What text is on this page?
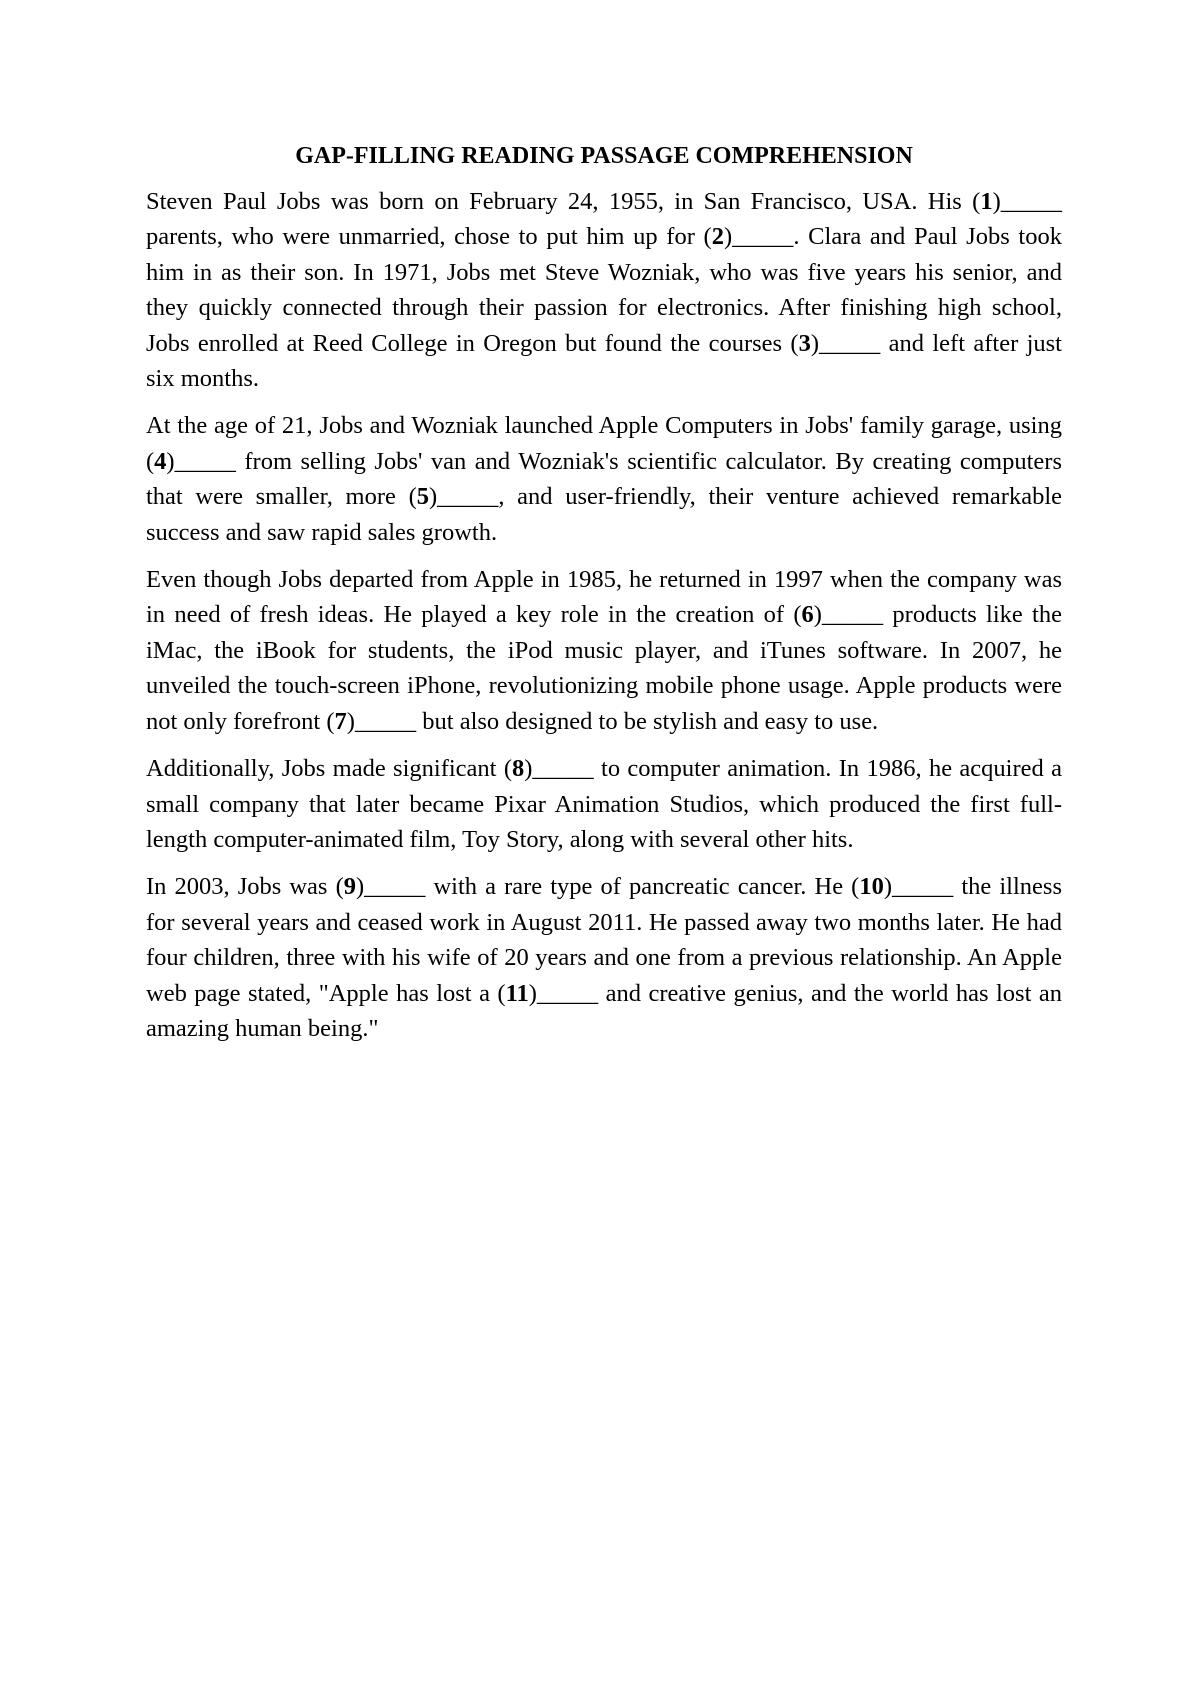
GAP-FILLING READING PASSAGE COMPREHENSION

Steven Paul Jobs was born on February 24, 1955, in San Francisco, USA. His (1)_____ parents, who were unmarried, chose to put him up for (2)_____. Clara and Paul Jobs took him in as their son. In 1971, Jobs met Steve Wozniak, who was five years his senior, and they quickly connected through their passion for electronics. After finishing high school, Jobs enrolled at Reed College in Oregon but found the courses (3)_____ and left after just six months.

At the age of 21, Jobs and Wozniak launched Apple Computers in Jobs' family garage, using (4)_____ from selling Jobs' van and Wozniak's scientific calculator. By creating computers that were smaller, more (5)_____, and user-friendly, their venture achieved remarkable success and saw rapid sales growth.

Even though Jobs departed from Apple in 1985, he returned in 1997 when the company was in need of fresh ideas. He played a key role in the creation of (6)_____ products like the iMac, the iBook for students, the iPod music player, and iTunes software. In 2007, he unveiled the touch-screen iPhone, revolutionizing mobile phone usage. Apple products were not only forefront (7)_____ but also designed to be stylish and easy to use.

Additionally, Jobs made significant (8)_____ to computer animation. In 1986, he acquired a small company that later became Pixar Animation Studios, which produced the first full-length computer-animated film, Toy Story, along with several other hits.

In 2003, Jobs was (9)_____ with a rare type of pancreatic cancer. He (10)_____ the illness for several years and ceased work in August 2011. He passed away two months later. He had four children, three with his wife of 20 years and one from a previous relationship. An Apple web page stated, "Apple has lost a (11)_____ and creative genius, and the world has lost an amazing human being."
